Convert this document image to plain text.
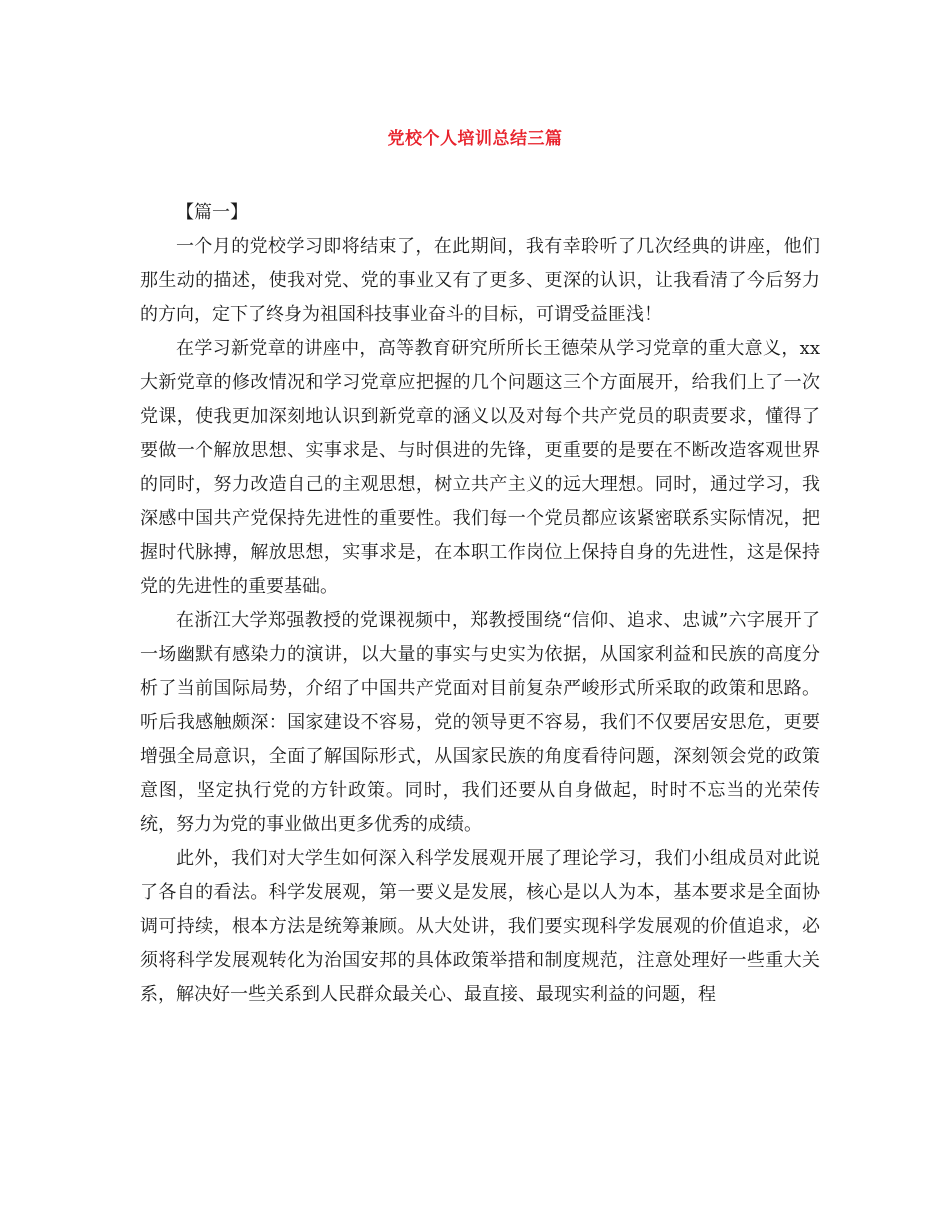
党校个人培训总结三篇

【篇一】

一个月的党校学习即将结束了，在此期间，我有幸聆听了几次经典的讲座，他们那生动的描述，使我对党、党的事业又有了更多、更深的认识，让我看清了今后努力的方向，定下了终身为祖国科技事业奋斗的目标，可谓受益匪浅！

在学习新党章的讲座中，高等教育研究所所长王德荣从学习党章的重大意义，xx大新党章的修改情况和学习党章应把握的几个问题这三个方面展开，给我们上了一次党课，使我更加深刻地认识到新党章的涵义以及对每个共产党员的职责要求，懂得了要做一个解放思想、实事求是、与时俱进的先锋，更重要的是要在不断改造客观世界的同时，努力改造自己的主观思想，树立共产主义的远大理想。同时，通过学习，我深感中国共产党保持先进性的重要性。我们每一个党员都应该紧密联系实际情况，把握时代脉搏，解放思想，实事求是，在本职工作岗位上保持自身的先进性，这是保持党的先进性的重要基础。

在浙江大学郑强教授的党课视频中，郑教授围绕“信仰、追求、忠诚”六字展开了一场幽默有感染力的演讲，以大量的事实与史实为依据，从国家利益和民族的高度分析了当前国际局势，介绍了中国共产党面对目前复杂严峻形式所采取的政策和思路。听后我感触颇深：国家建设不容易，党的领导更不容易，我们不仅要居安思危，更要增强全局意识，全面了解国际形式，从国家民族的角度看待问题，深刻领会党的政策意图，坚定执行党的方针政策。同时，我们还要从自身做起，时时不忘当的光荣传统，努力为党的事业做出更多优秀的成绩。

此外，我们对大学生如何深入科学发展观开展了理论学习，我们小组成员对此说了各自的看法。科学发展观，第一要义是发展，核心是以人为本，基本要求是全面协调可持续，根本方法是统筹兼顾。从大处讲，我们要实现科学发展观的价值追求，必须将科学发展观转化为治国安邦的具体政策举措和制度规范，注意处理好一些重大关系，解决好一些关系到人民群众最关心、最直接、最现实利益的问题，程
